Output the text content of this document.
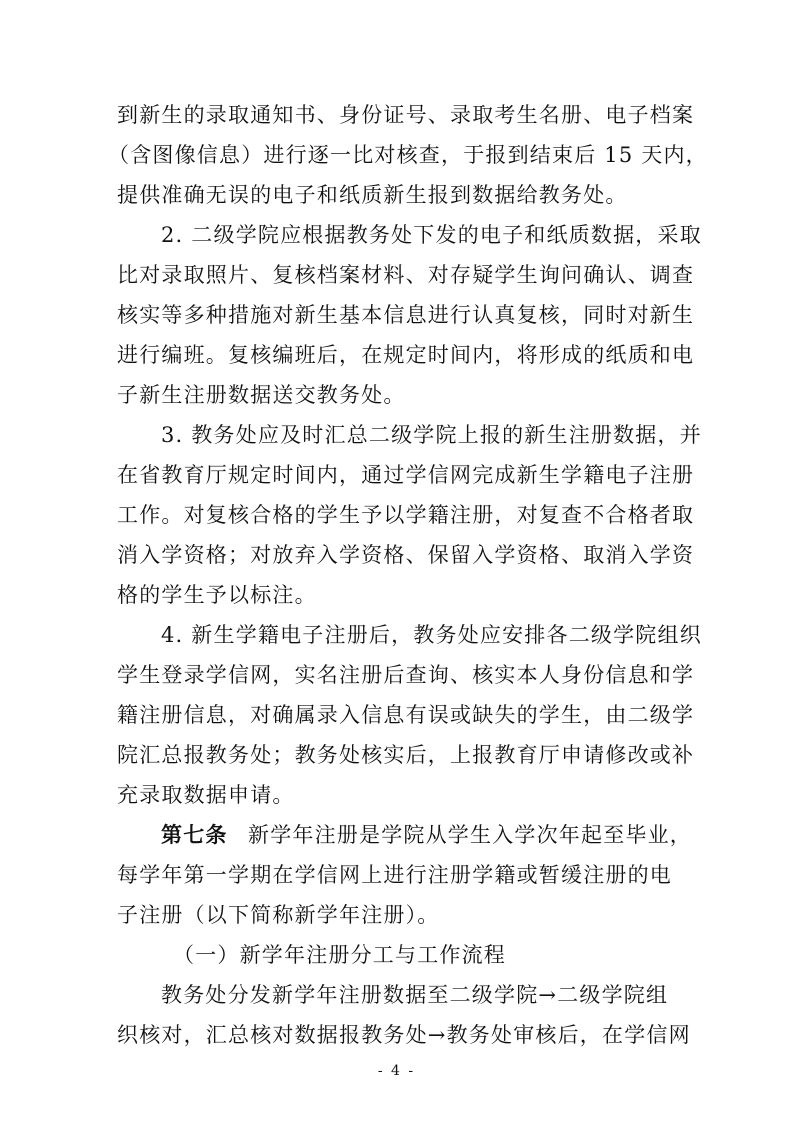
到新生的录取通知书、身份证号、录取考生名册、电子档案
（含图像信息）进行逐一比对核查，于报到结束后 15 天内，
提供准确无误的电子和纸质新生报到数据给教务处。
2. 二级学院应根据教务处下发的电子和纸质数据，采取
比对录取照片、复核档案材料、对存疑学生询问确认、调查
核实等多种措施对新生基本信息进行认真复核，同时对新生
进行编班。复核编班后，在规定时间内，将形成的纸质和电
子新生注册数据送交教务处。
3. 教务处应及时汇总二级学院上报的新生注册数据，并
在省教育厅规定时间内，通过学信网完成新生学籍电子注册
工作。对复核合格的学生予以学籍注册，对复查不合格者取
消入学资格；对放弃入学资格、保留入学资格、取消入学资
格的学生予以标注。
4. 新生学籍电子注册后，教务处应安排各二级学院组织
学生登录学信网，实名注册后查询、核实本人身份信息和学
籍注册信息，对确属录入信息有误或缺失的学生，由二级学
院汇总报教务处；教务处核实后，上报教育厅申请修改或补
充录取数据申请。
第七条 新学年注册是学院从学生入学次年起至毕业，
每学年第一学期在学信网上进行注册学籍或暂缓注册的电
子注册（以下简称新学年注册）。
（一）新学年注册分工与工作流程
教务处分发新学年注册数据至二级学院→二级学院组
织核对，汇总核对数据报教务处→教务处审核后，在学信网
- 4 -
